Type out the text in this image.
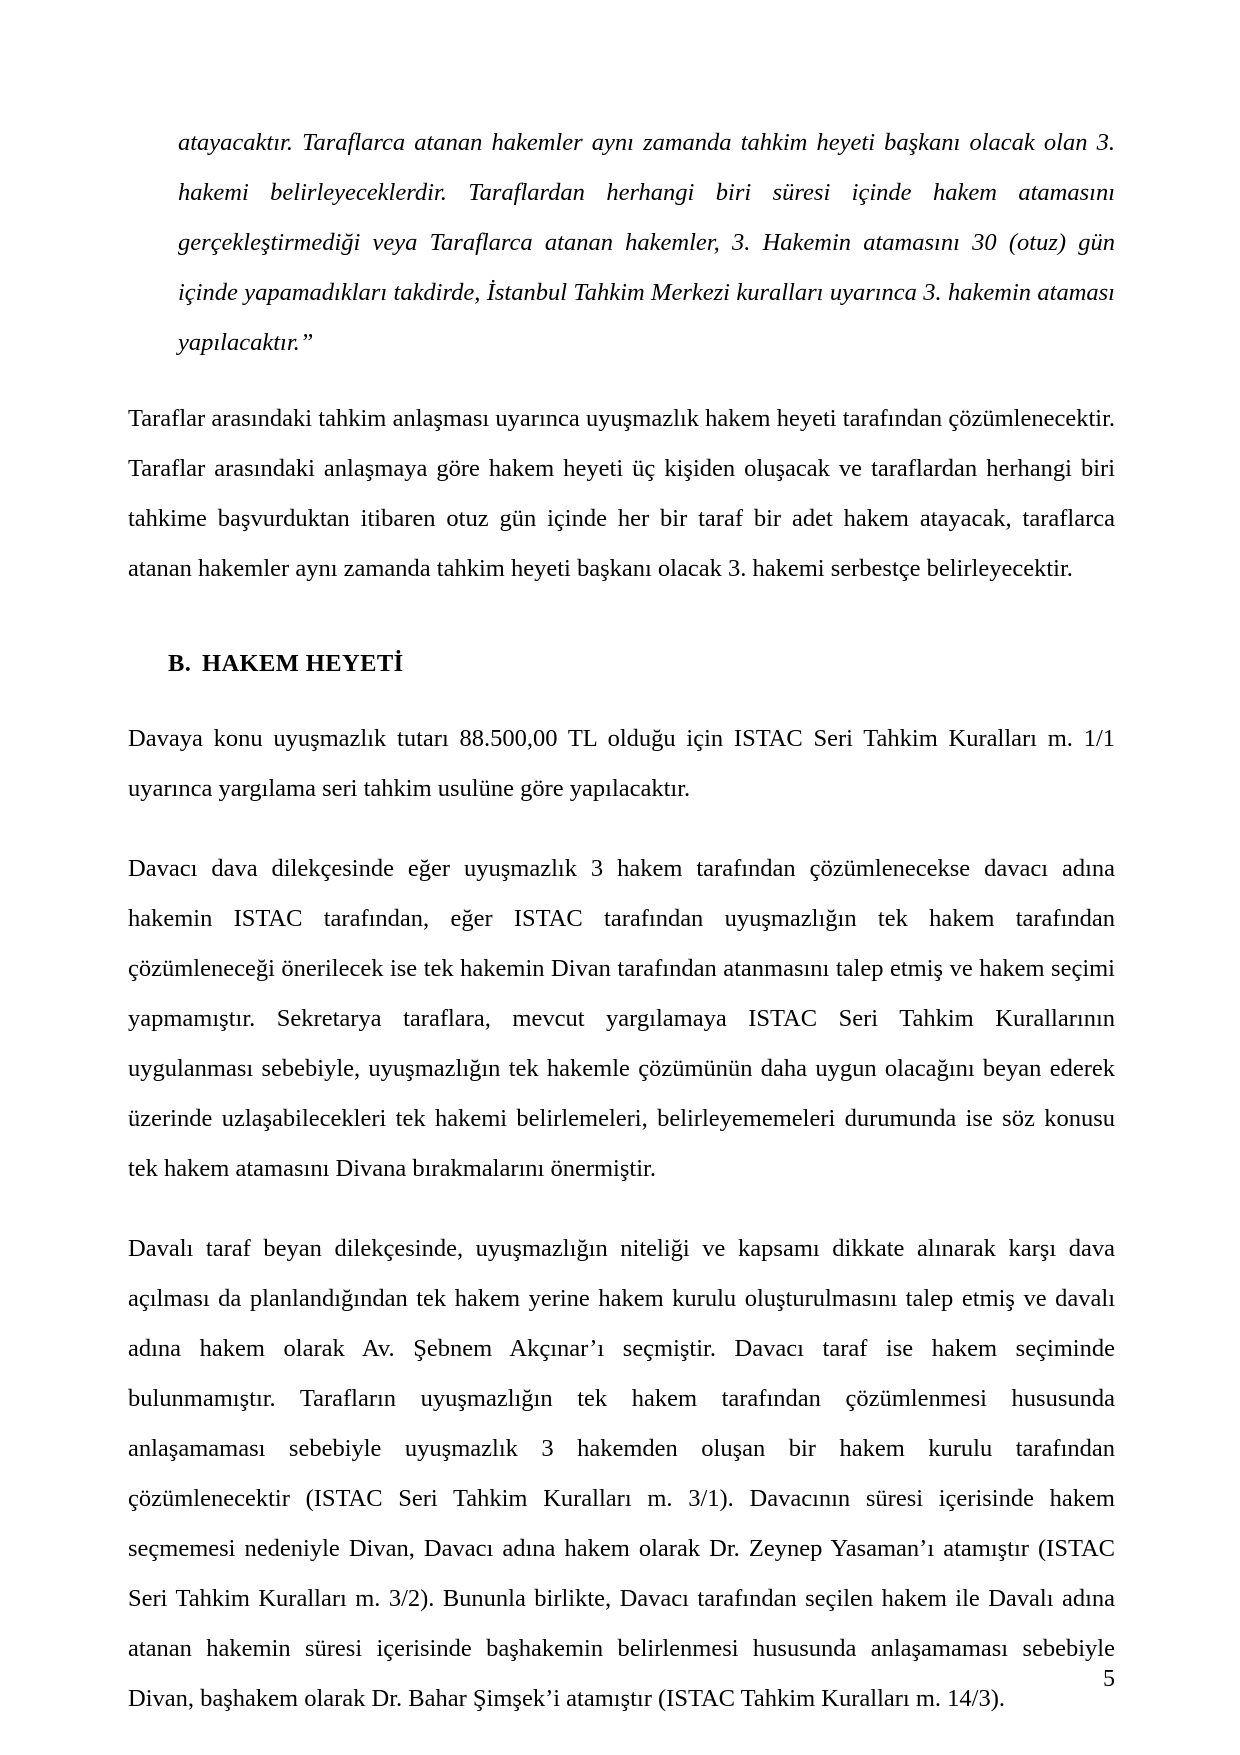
atayacaktır. Taraflarca atanan hakemler aynı zamanda tahkim heyeti başkanı olacak olan 3. hakemi belirleyeceklerdir. Taraflardan herhangi biri süresi içinde hakem atamasını gerçekleştirmediği veya Taraflarca atanan hakemler, 3. Hakemin atamasını 30 (otuz) gün içinde yapamadıkları takdirde, İstanbul Tahkim Merkezi kuralları uyarınca 3. hakemin ataması yapılacaktır.”

Taraflar arasındaki tahkim anlaşması uyarınca uyuşmazlık hakem heyeti tarafından çözümlenecektir. Taraflar arasındaki anlaşmaya göre hakem heyeti üç kişiden oluşacak ve taraflardan herhangi biri tahkime başvurduktan itibaren otuz gün içinde her bir taraf bir adet hakem atayacak, taraflarca atanan hakemler aynı zamanda tahkim heyeti başkanı olacak 3. hakemi serbestçe belirleyecektir.

B. HAKEM HEYETİ

Davaya konu uyuşmazlık tutarı 88.500,00 TL olduğu için ISTAC Seri Tahkim Kuralları m. 1/1 uyarınca yargılama seri tahkim usulüne göre yapılacaktır.

Davacı dava dilekçesinde eğer uyuşmazlık 3 hakem tarafından çözümlenecekse davacı adına hakemin ISTAC tarafından, eğer ISTAC tarafından uyuşmazlığın tek hakem tarafından çözümleneceği önerilecek ise tek hakemin Divan tarafından atanmasını talep etmiş ve hakem seçimi yapmamıştır. Sekretarya taraflara, mevcut yargılamaya ISTAC Seri Tahkim Kurallarının uygulanması sebebiyle, uyuşmazlığın tek hakemle çözümünün daha uygun olacağını beyan ederek üzerinde uzlaşabilecekleri tek hakemi belirlemeleri, belirleyememeleri durumunda ise söz konusu tek hakem atamasını Divana bırakmalarını önermiştir.

Davalı taraf beyan dilekçesinde, uyuşmazlığın niteliği ve kapsamı dikkate alınarak karşı dava açılması da planlandığından tek hakem yerine hakem kurulu oluşturulmasını talep etmiş ve davalı adına hakem olarak Av. Şebnem Akçınar’ı seçmiştir. Davacı taraf ise hakem seçiminde bulunmamıştır. Tarafların uyuşmazlığın tek hakem tarafından çözümlenmesi hususunda anlaşamaması sebebiyle uyuşmazlık 3 hakemden oluşan bir hakem kurulu tarafından çözümlenecektir (ISTAC Seri Tahkim Kuralları m. 3/1). Davacının süresi içerisinde hakem seçmemesi nedeniyle Divan, Davacı adına hakem olarak Dr. Zeynep Yasaman’ı atamıştır (ISTAC Seri Tahkim Kuralları m. 3/2). Bununla birlikte, Davacı tarafından seçilen hakem ile Davalı adına atanan hakemin süresi içerisinde başhakemin belirlenmesi hususunda anlaşamaması sebebiyle Divan, başhakem olarak Dr. Bahar Şimşek’i atamıştır (ISTAC Tahkim Kuralları m. 14/3).

5
